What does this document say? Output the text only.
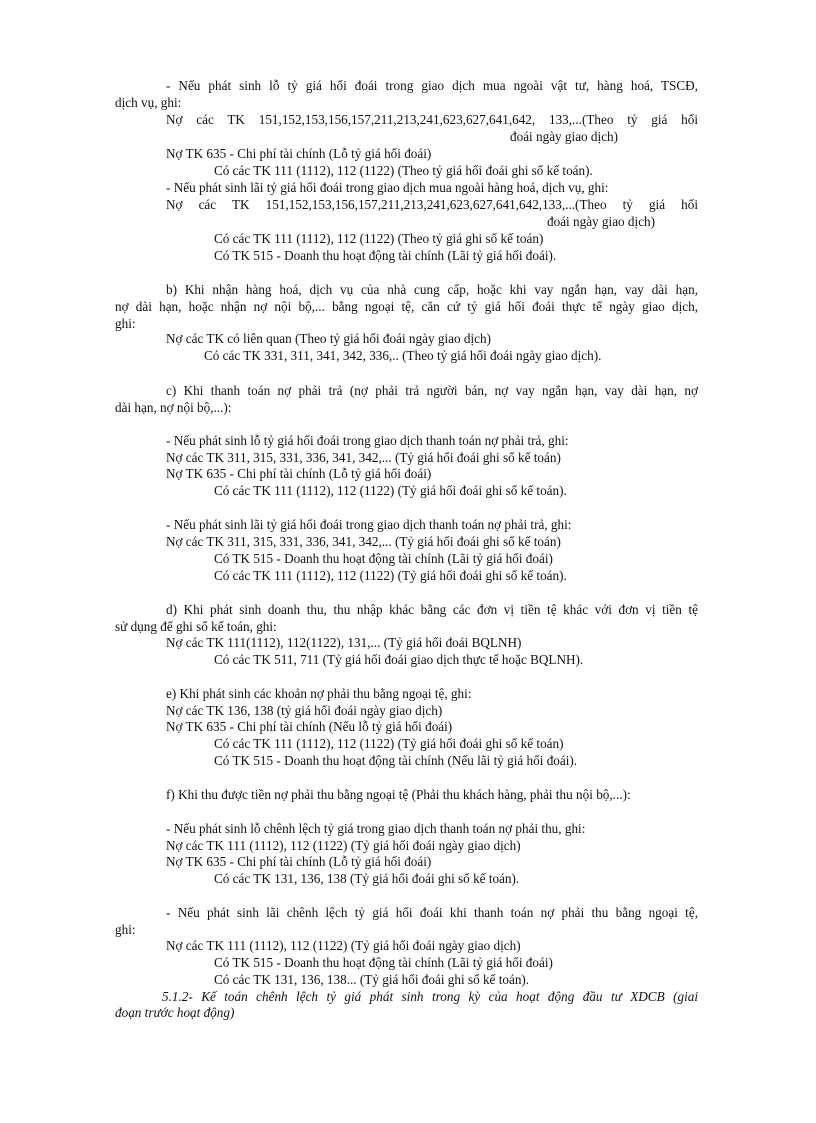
- Nếu phát sinh lỗ tỷ giá hối đoái trong giao dịch mua ngoài vật tư, hàng hoá, TSCĐ,
dịch vụ, ghi:
Nợ các TK 151,152,153,156,157,211,213,241,623,627,641,642, 133,...(Theo tỷ giá hối
đoái ngày giao dịch)
Nợ TK 635 - Chi phí tài chính (Lỗ tỷ giá hối đoái)
Có các TK 111 (1112), 112 (1122) (Theo tỷ giá hối đoái ghi sổ kế toán).
- Nếu phát sinh lãi tỷ giá hối đoái trong giao dịch mua ngoài hàng hoá, dịch vụ, ghi:
Nợ các TK 151,152,153,156,157,211,213,241,623,627,641,642,133,...(Theo tỷ giá hối
đoái ngày giao dịch)
Có các TK 111 (1112), 112 (1122) (Theo tỷ giá ghi sổ kế toán)
Có TK 515 - Doanh thu hoạt động tài chính (Lãi tỷ giá hối đoái).
b) Khi nhận hàng hoá, dịch vụ của nhà cung cấp, hoặc khi vay ngắn hạn, vay dài hạn,
nợ dài hạn, hoặc nhận nợ nội bộ,... bằng ngoại tệ, căn cứ tỷ giá hối đoái thực tế ngày giao dịch,
ghi:
Nợ các TK có liên quan (Theo tỷ giá hối đoái ngày giao dịch)
Có các TK 331, 311, 341, 342, 336,.. (Theo tỷ giá hối đoái ngày giao dịch).
c) Khi thanh toán nợ phải trả (nợ phải trả người bán, nợ vay ngắn hạn, vay dài hạn, nợ
dài hạn, nợ nội bộ,...):
- Nếu phát sinh lỗ tỷ giá hối đoái trong giao dịch thanh toán nợ phải trả, ghi:
Nợ các TK 311, 315, 331, 336, 341, 342,... (Tỷ giá hối đoái ghi sổ kế toán)
Nợ TK 635 - Chi phí tài chính (Lỗ tỷ giá hối đoái)
Có các TK 111 (1112), 112 (1122) (Tỷ giá hối đoái ghi sổ kế toán).
- Nếu phát sinh lãi tỷ giá hối đoái trong giao dịch thanh toán nợ phải trả, ghi:
Nợ các TK 311, 315, 331, 336, 341, 342,... (Tỷ giá hối đoái ghi sổ kế toán)
Có TK 515 - Doanh thu hoạt động tài chính (Lãi tỷ giá hối đoái)
Có các TK 111 (1112), 112 (1122) (Tỷ giá hối đoái ghi sổ kế toán).
d) Khi phát sinh doanh thu, thu nhập khác bằng các đơn vị tiền tệ khác với đơn vị tiền tệ
sử dụng để ghi sổ kế toán, ghi:
Nợ các TK 111(1112), 112(1122), 131,... (Tỷ giá hối đoái BQLNH)
Có các TK 511, 711 (Tỷ giá hối đoái giao dịch thực tế hoặc BQLNH).
e) Khi phát sinh các khoản nợ phải thu bằng ngoại tệ, ghi:
Nợ các TK 136, 138 (tỷ giá hối đoái ngày giao dịch)
Nợ TK 635 - Chi phí tài chính (Nếu lỗ tỷ giá hối đoái)
Có các TK 111 (1112), 112 (1122) (Tỷ giá hối đoái ghi sổ kế toán)
Có TK 515 - Doanh thu hoạt động tài chính (Nếu lãi tỷ giá hối đoái).
f) Khi thu được tiền nợ phải thu bằng ngoại tệ (Phải thu khách hàng, phải thu nội bộ,...):
- Nếu phát sinh lỗ chênh lệch tỷ giá trong giao dịch thanh toán nợ phải thu, ghi:
Nợ các TK 111 (1112), 112 (1122) (Tỷ giá hối đoái ngày giao dịch)
Nợ TK 635 - Chi phí tài chính (Lỗ tỷ giá hối đoái)
Có các TK 131, 136, 138 (Tỷ giá hối đoái ghi sổ kế toán).
- Nếu phát sinh lãi chênh lệch tỷ giá hối đoái khi thanh toán nợ phải thu bằng ngoại tệ,
ghi:
Nợ các TK 111 (1112), 112 (1122) (Tỷ giá hối đoái ngày giao dịch)
Có TK 515 - Doanh thu hoạt động tài chính (Lãi tỷ giá hối đoái)
Có các TK 131, 136, 138... (Tỷ giá hối đoái ghi sổ kế toán).
5.1.2- Kế toán chênh lệch tỷ giá phát sinh trong kỳ của hoạt động đầu tư XDCB (giai
đoạn trước hoạt động)
